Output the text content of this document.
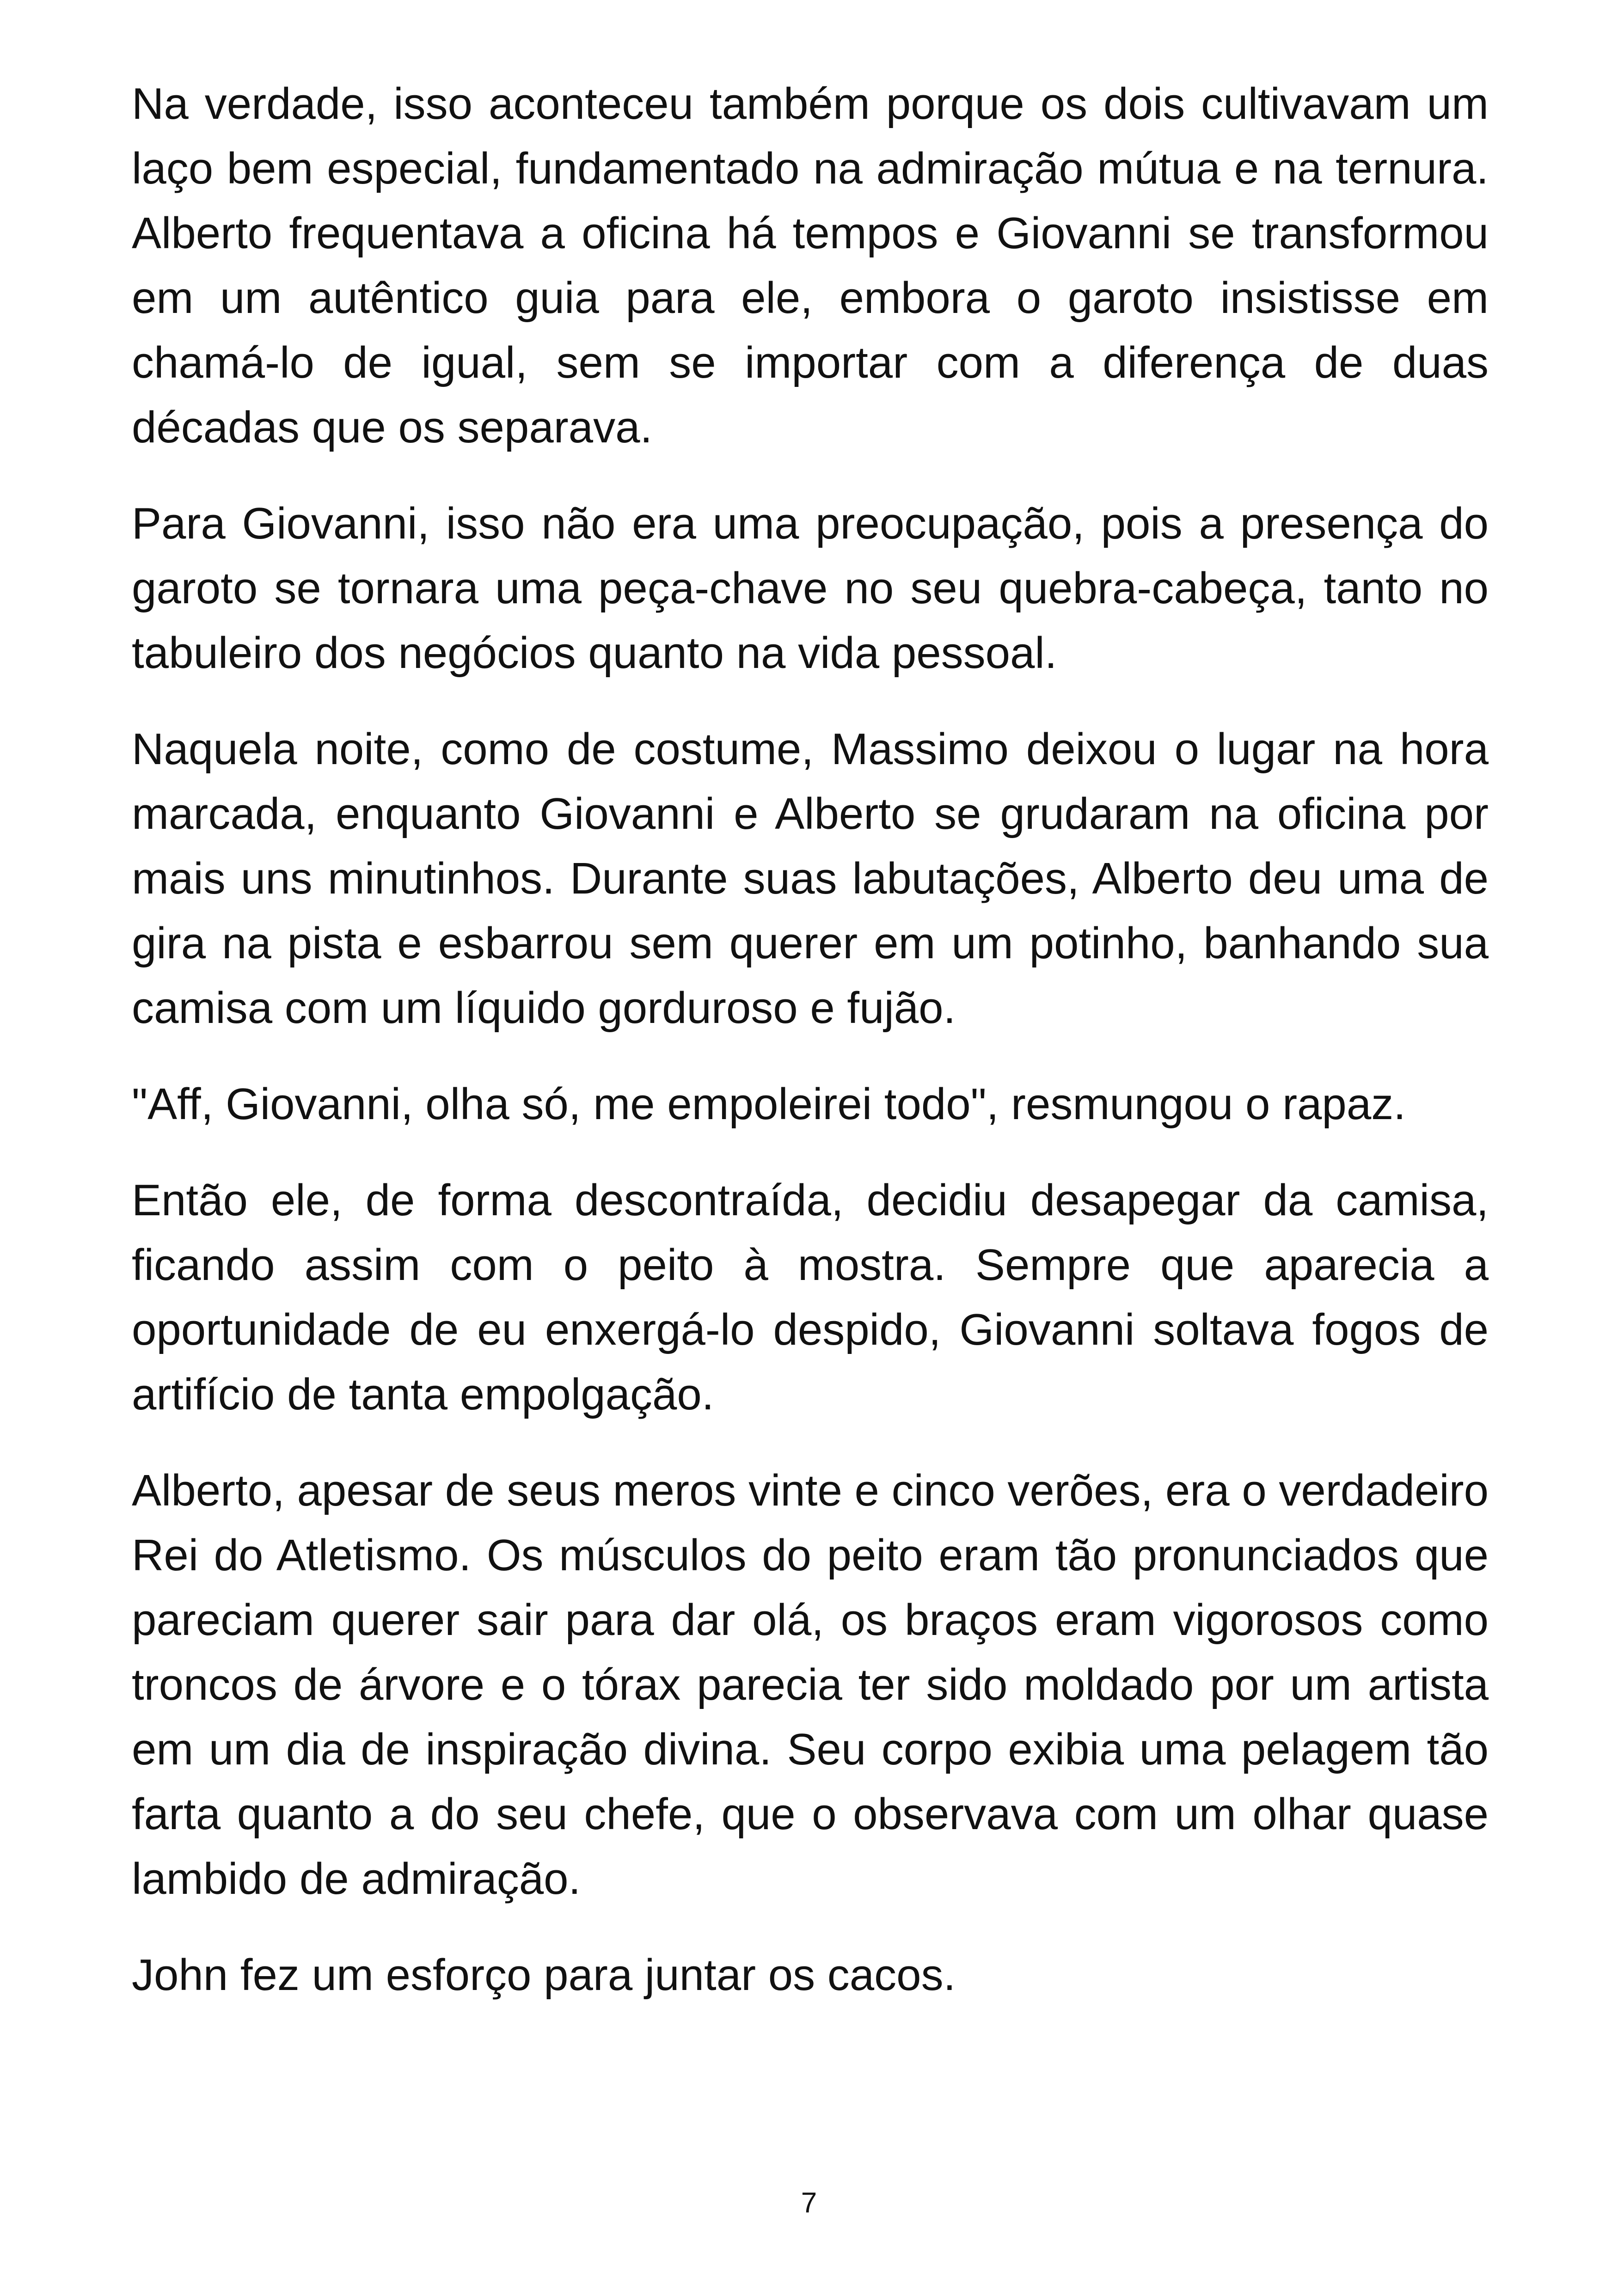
Na verdade, isso aconteceu também porque os dois cultivavam um laço bem especial, fundamentado na admiração mútua e na ternura. Alberto frequentava a oficina há tempos e Giovanni se transformou em um autêntico guia para ele, embora o garoto insistisse em chamá-lo de igual, sem se importar com a diferença de duas décadas que os separava.

Para Giovanni, isso não era uma preocupação, pois a presença do garoto se tornara uma peça-chave no seu quebra-cabeça, tanto no tabuleiro dos negócios quanto na vida pessoal.

Naquela noite, como de costume, Massimo deixou o lugar na hora marcada, enquanto Giovanni e Alberto se grudaram na oficina por mais uns minutinhos. Durante suas labutações, Alberto deu uma de gira na pista e esbarrou sem querer em um potinho, banhando sua camisa com um líquido gorduroso e fujão.

"Aff, Giovanni, olha só, me empoleirei todo", resmungou o rapaz.

Então ele, de forma descontraída, decidiu desapegar da camisa, ficando assim com o peito à mostra. Sempre que aparecia a oportunidade de eu enxergá-lo despido, Giovanni soltava fogos de artifício de tanta empolgação.

Alberto, apesar de seus meros vinte e cinco verões, era o verdadeiro Rei do Atletismo. Os músculos do peito eram tão pronunciados que pareciam querer sair para dar olá, os braços eram vigorosos como troncos de árvore e o tórax parecia ter sido moldado por um artista em um dia de inspiração divina. Seu corpo exibia uma pelagem tão farta quanto a do seu chefe, que o observava com um olhar quase lambido de admiração.

John fez um esforço para juntar os cacos.

7
